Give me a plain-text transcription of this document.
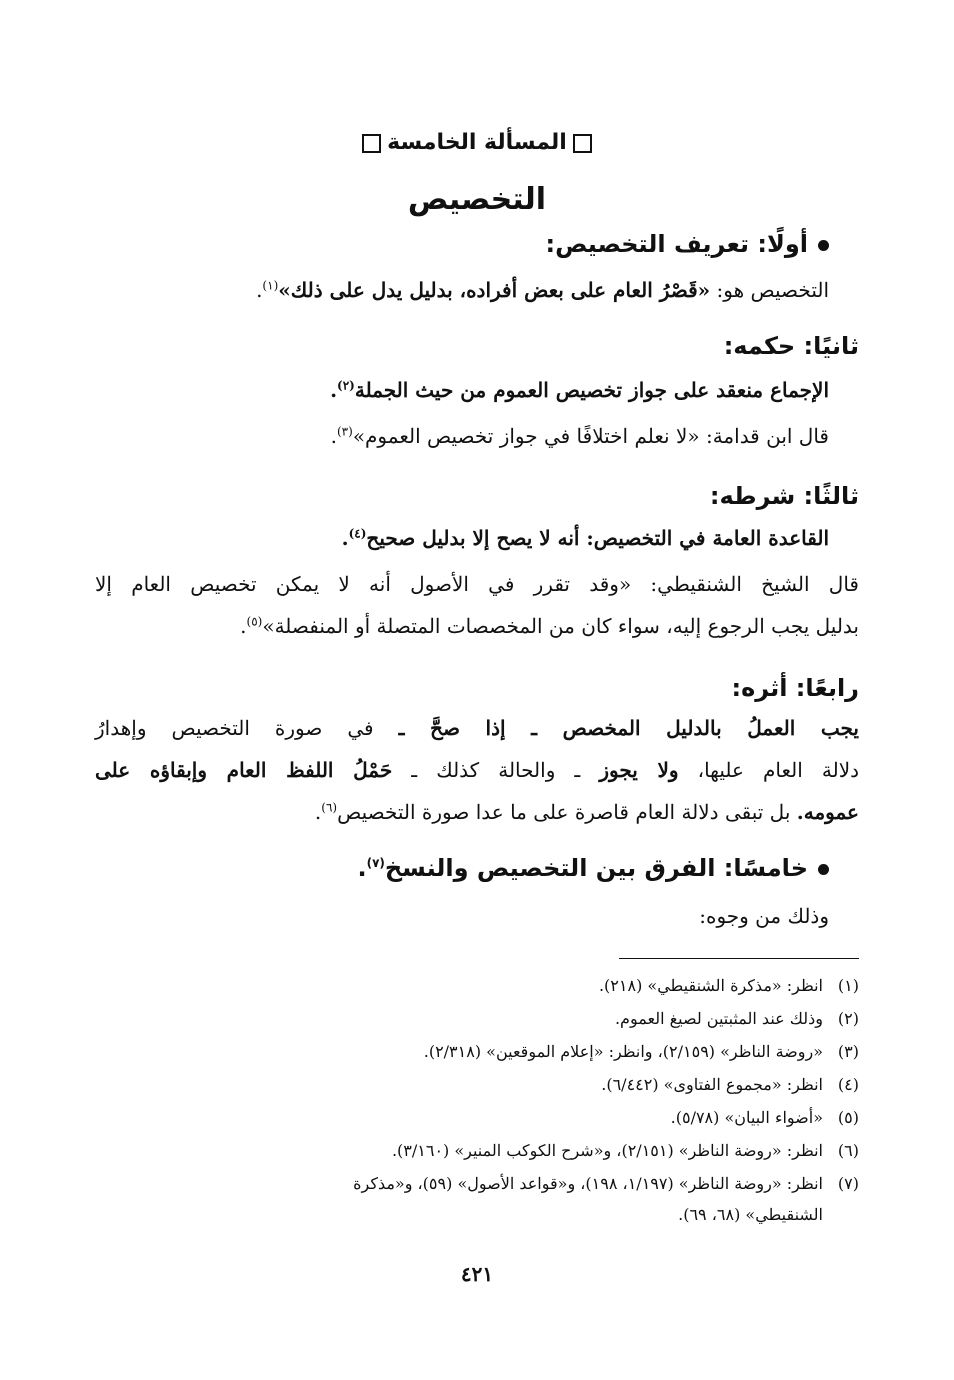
المسألة الخامسة
التخصيص
أولًا: تعريف التخصيص:
التخصيص هو: «قَصْرُ العام على بعض أفراده، بدليل يدل على ذلك»$^{(١)}$.
ثانيًا: حكمه:
الإجماع منعقد على جواز تخصيص العموم من حيث الجملة$^{(٢)}$.
قال ابن قدامة: «لا نعلم اختلافًا في جواز تخصيص العموم»$^{(٣)}$.
ثالثًا: شرطه:
القاعدة العامة في التخصيص: أنه لا يصح إلا بدليل صحيح$^{(٤)}$.
قال الشيخ الشنقيطي: «وقد تقرر في الأصول أنه لا يمكن تخصيص العام إلا
بدليل يجب الرجوع إليه، سواء كان من المخصصات المتصلة أو المنفصلة»$^{(٥)}$.
رابعًا: أثره:
يجب العملُ بالدليل المخصص ـ إذا صحَّ ـ في صورة التخصيص وإهدارُ
دلالة العام عليها، ولا يجوز ـ والحالة كذلك ـ حَمْلُ اللفظ العام وإبقاؤه على
عمومه. بل تبقى دلالة العام قاصرة على ما عدا صورة التخصيص$^{(٦)}$.
خامسًا: الفرق بين التخصيص والنسخ$^{(٧)}$.
وذلك من وجوه:
(١)انظر: «مذكرة الشنقيطي» (٢١٨).
(٢)وذلك عند المثبتين لصيغ العموم.
(٣)«روضة الناظر» (٢/١٥٩)، وانظر: «إعلام الموقعين» (٢/٣١٨).
(٤)انظر: «مجموع الفتاوى» (٦/٤٤٢).
(٥)«أضواء البيان» (٥/٧٨).
(٦)انظر: «روضة الناظر» (٢/١٥١)، و«شرح الكوكب المنير» (٣/١٦٠).
(٧)انظر: «روضة الناظر» (١/١٩٧، ١٩٨)، و«قواعد الأصول» (٥٩)، و«مذكرة
الشنقيطي» (٦٨، ٦٩).
٤٢١
